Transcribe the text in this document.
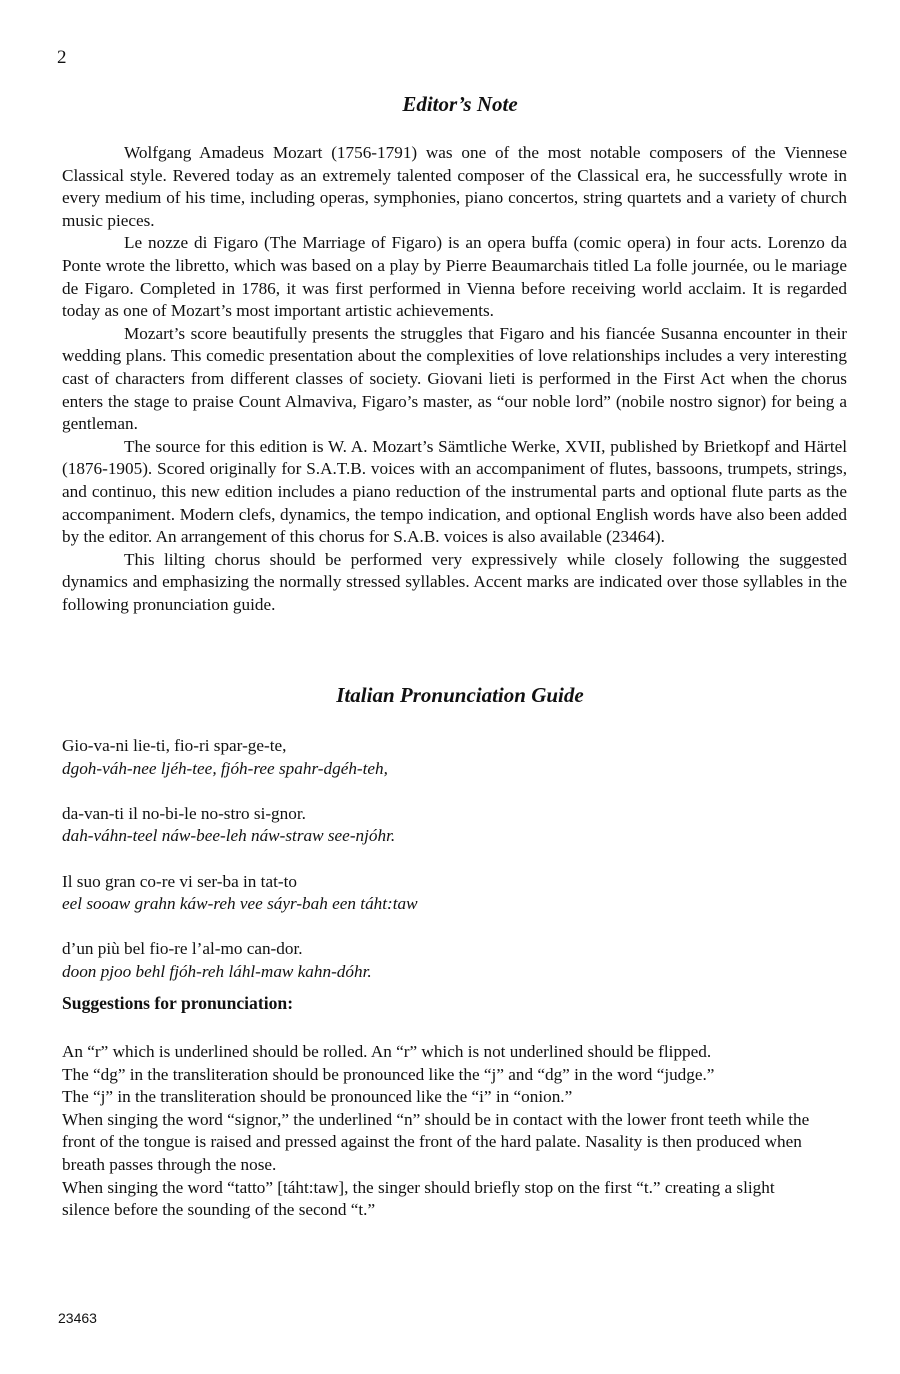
2
Editor’s Note

Wolfgang Amadeus Mozart (1756-1791) was one of the most notable composers of the Viennese Classical style. Revered today as an extremely talented composer of the Classical era, he successfully wrote in every medium of his time, including operas, symphonies, piano concertos, string quartets and a variety of church music pieces.

Le nozze di Figaro (The Marriage of Figaro) is an opera buffa (comic opera) in four acts. Lorenzo da Ponte wrote the libretto, which was based on a play by Pierre Beaumarchais titled La folle journée, ou le mariage de Figaro. Completed in 1786, it was first performed in Vienna before receiving world acclaim. It is regarded today as one of Mozart’s most important artistic achievements.

Mozart’s score beautifully presents the struggles that Figaro and his fiancée Susanna encounter in their wedding plans. This comedic presentation about the complexities of love relationships includes a very interesting cast of characters from different classes of society. Giovani lieti is performed in the First Act when the chorus enters the stage to praise Count Almaviva, Figaro’s master, as “our noble lord” (nobile nostro signor) for being a gentleman.

The source for this edition is W. A. Mozart’s Sämtliche Werke, XVII, published by Brietkopf and Härtel (1876-1905). Scored originally for S.A.T.B. voices with an accompaniment of flutes, bassoons, trumpets, strings, and continuo, this new edition includes a piano reduction of the instrumental parts and optional flute parts as the accompaniment. Modern clefs, dynamics, the tempo indication, and optional English words have also been added by the editor. An arrangement of this chorus for S.A.B. voices is also available (23464).

This lilting chorus should be performed very expressively while closely following the suggested dynamics and emphasizing the normally stressed syllables. Accent marks are indicated over those syllables in the following pronunciation guide.

Italian Pronunciation Guide
Gio-va-ni lie-ti, fio-ri spar-ge-te,
dgoh-váh-nee ljéh-tee, fjóh-ree spahr-dgéh-teh,
da-van-ti il no-bi-le no-stro si-gnor.
dah-váhn-teel náw-bee-leh náw-straw see-njóhr.
Il suo gran co-re vi ser-ba in tat-to
eel sooaw grahn káw-reh vee sáyr-bah een táht:taw
d’un più bel fio-re l’al-mo can-dor.
doon pjoo behl fjóh-reh láhl-maw kahn-dóhr.
Suggestions for pronunciation:

An “r” which is underlined should be rolled. An “r” which is not underlined should be flipped.

The “dg” in the transliteration should be pronounced like the “j” and “dg” in the word “judge.”

The “j” in the transliteration should be pronounced like the “i” in “onion.”

When singing the word “signor,” the underlined “n” should be in contact with the lower front teeth while the front of the tongue is raised and pressed against the front of the hard palate. Nasality is then produced when breath passes through the nose.

When singing the word “tatto” [táht:taw], the singer should briefly stop on the first “t.” creating a slight silence before the sounding of the second “t.”

23463
